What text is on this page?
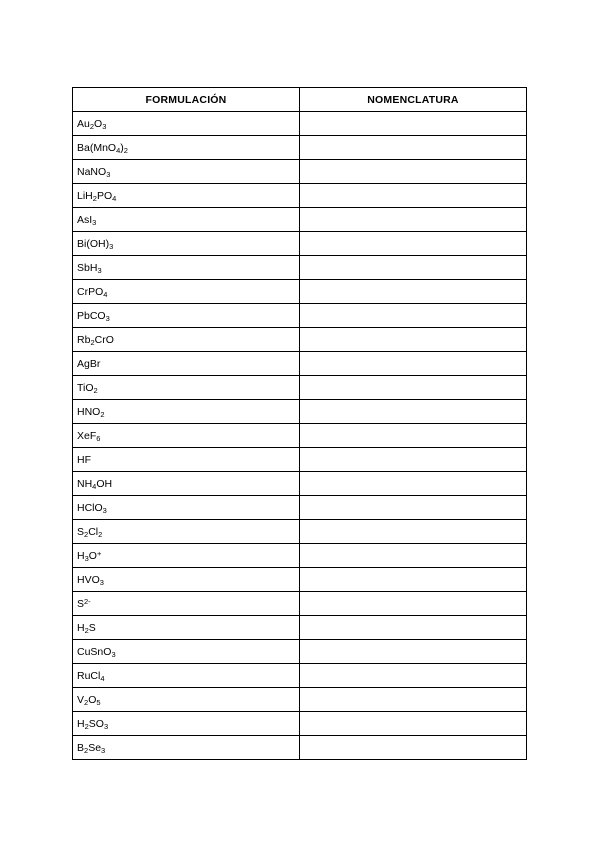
FORMULACIÓN	NOMENCLATURA
$Au_2O_3$	
$Ba(MnO_4)_2$	
NaNO$_3$	
$LiH_2PO_4$	
AsI$_3$	
$Bi(OH)_3$	
SbH$_3$	
CrPO$_4$	
PbCO$_3$	
$Rb_2CrO$	
AgBr	
TiO$_2$	
$HNO_2$	
XeF$_6$	
HF	
$NH_4OH$	
HClO$_3$	
$S_2Cl_2$	
$H_3O^+$	
$HVO_3$	
$S^{2-}$	
$H_2S$	
CuSnO$_3$	
RuCl$_4$	
$V_2O_5$	
$H_2SO_3$	
$B_2Se_3$	
